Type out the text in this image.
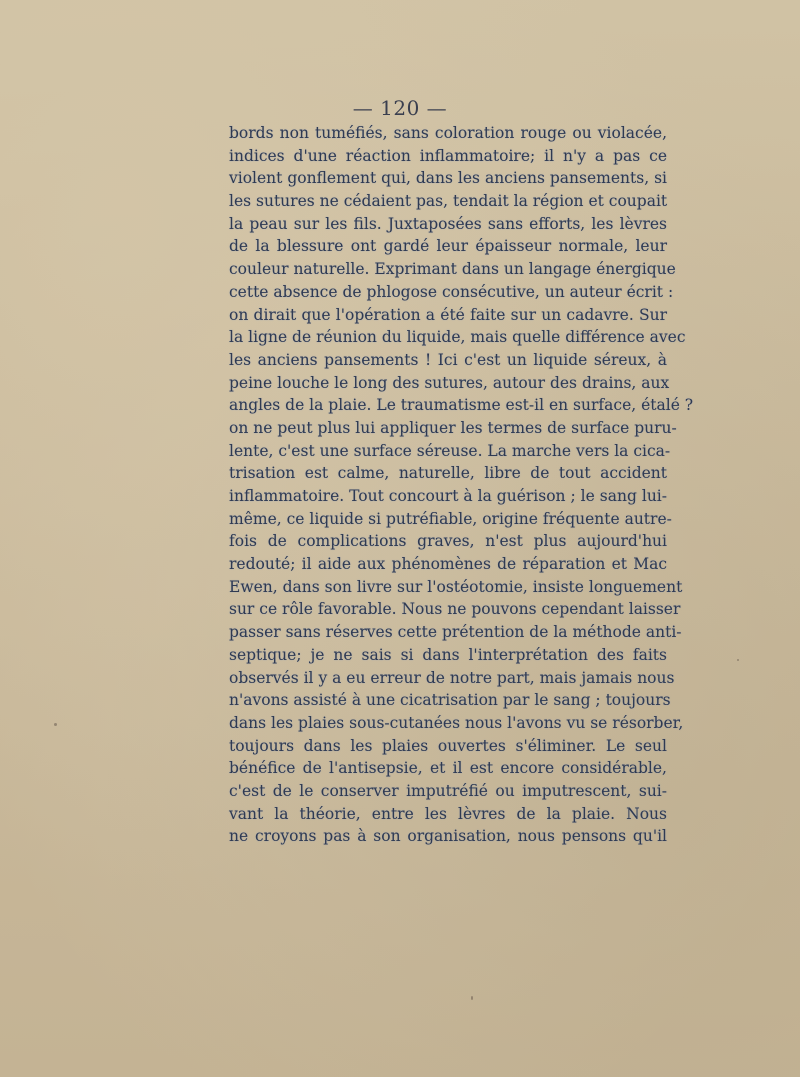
— 120 —
bords non tuméfiés, sans coloration rouge ou violacée,
indices d'une réaction inflammatoire; il n'y a pas ce
violent gonflement qui, dans les anciens pansements, si
les sutures ne cédaient pas, tendait la région et coupait
la peau sur les fils. Juxtaposées sans efforts, les lèvres
de la blessure ont gardé leur épaisseur normale, leur
couleur naturelle. Exprimant dans un langage énergique
cette absence de phlogose consécutive, un auteur écrit :
on dirait que l'opération a été faite sur un cadavre. Sur
la ligne de réunion du liquide, mais quelle différence avec
les anciens pansements ! Ici c'est un liquide séreux, à
peine louche le long des sutures, autour des drains, aux
angles de la plaie. Le traumatisme est-il en surface, étalé ?
on ne peut plus lui appliquer les termes de surface puru-
lente, c'est une surface séreuse. La marche vers la cica-
trisation est calme, naturelle, libre de tout accident
inflammatoire. Tout concourt à la guérison ; le sang lui-
même, ce liquide si putréfiable, origine fréquente autre-
fois de complications graves, n'est plus aujourd'hui
redouté; il aide aux phénomènes de réparation et Mac
Ewen, dans son livre sur l'ostéotomie, insiste longuement
sur ce rôle favorable. Nous ne pouvons cependant laisser
passer sans réserves cette prétention de la méthode anti-
septique; je ne sais si dans l'interprétation des faits
observés il y a eu erreur de notre part, mais jamais nous
n'avons assisté à une cicatrisation par le sang ; toujours
dans les plaies sous-cutanées nous l'avons vu se résorber,
toujours dans les plaies ouvertes s'éliminer. Le seul
bénéfice de l'antisepsie, et il est encore considérable,
c'est de le conserver imputréfié ou imputrescent, sui-
vant la théorie, entre les lèvres de la plaie. Nous
ne croyons pas à son organisation, nous pensons qu'il
